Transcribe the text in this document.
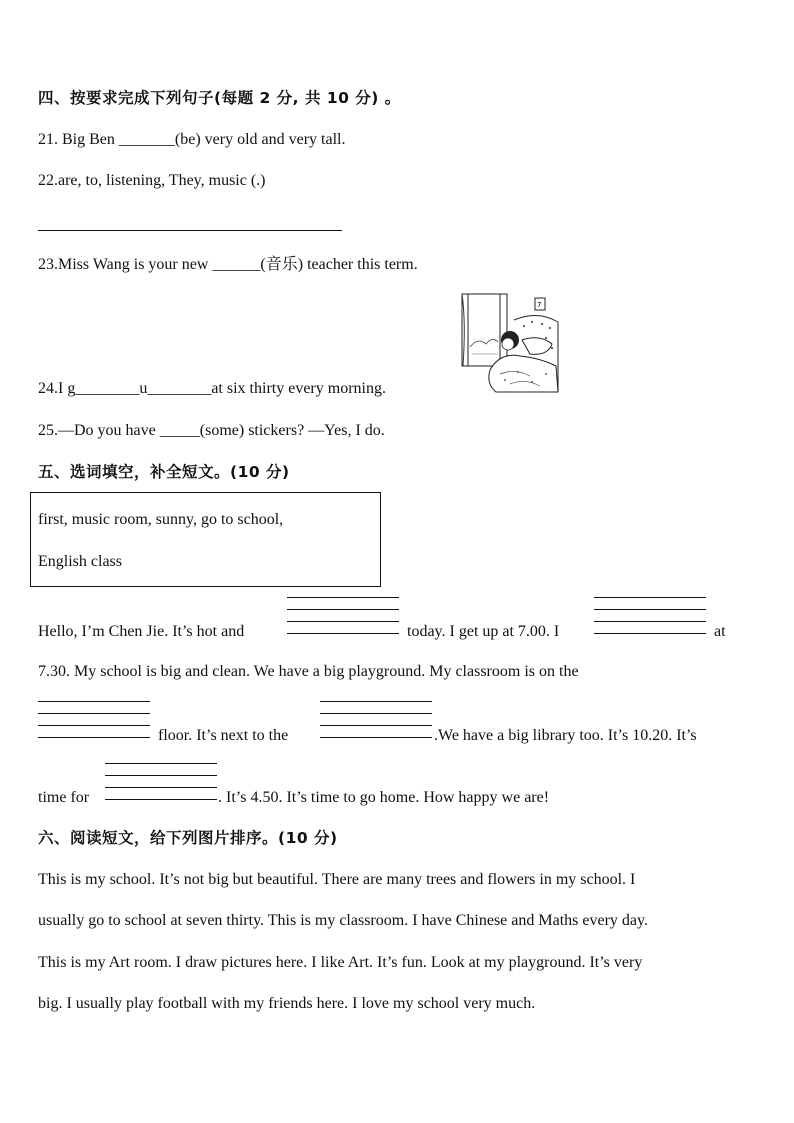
四、按要求完成下列句子(每题 2 分, 共 10 分) 。
21. Big Ben _______(be) very old and very tall.
22.are, to, listening, They, music (.)
23.Miss Wang is your new ______(音乐) teacher this term.
7
24.I g________u________at six thirty every morning.
25.—Do you have _____(some) stickers? —Yes, I do.
五、选词填空，补全短文。(10 分)
first, music room, sunny, go to school,
English class
Hello, I’m Chen Jie. It’s hot and	today. I get up at 7.00. I	at
7.30. My school is big and clean. We have a big playground. My classroom is on the
floor. It’s next to the	.We have a big library too. It’s 10.20. It’s
time for	. It’s 4.50. It’s time to go home. How happy we are!
六、阅读短文，给下列图片排序。(10 分)
This is my school. It’s not big but beautiful. There are many trees and flowers in my school. I
usually go to school at seven thirty. This is my classroom. I have Chinese and Maths every day.
This is my Art room. I draw pictures here. I like Art. It’s fun. Look at my playground. It’s very
big. I usually play football with my friends here. I love my school very much.
